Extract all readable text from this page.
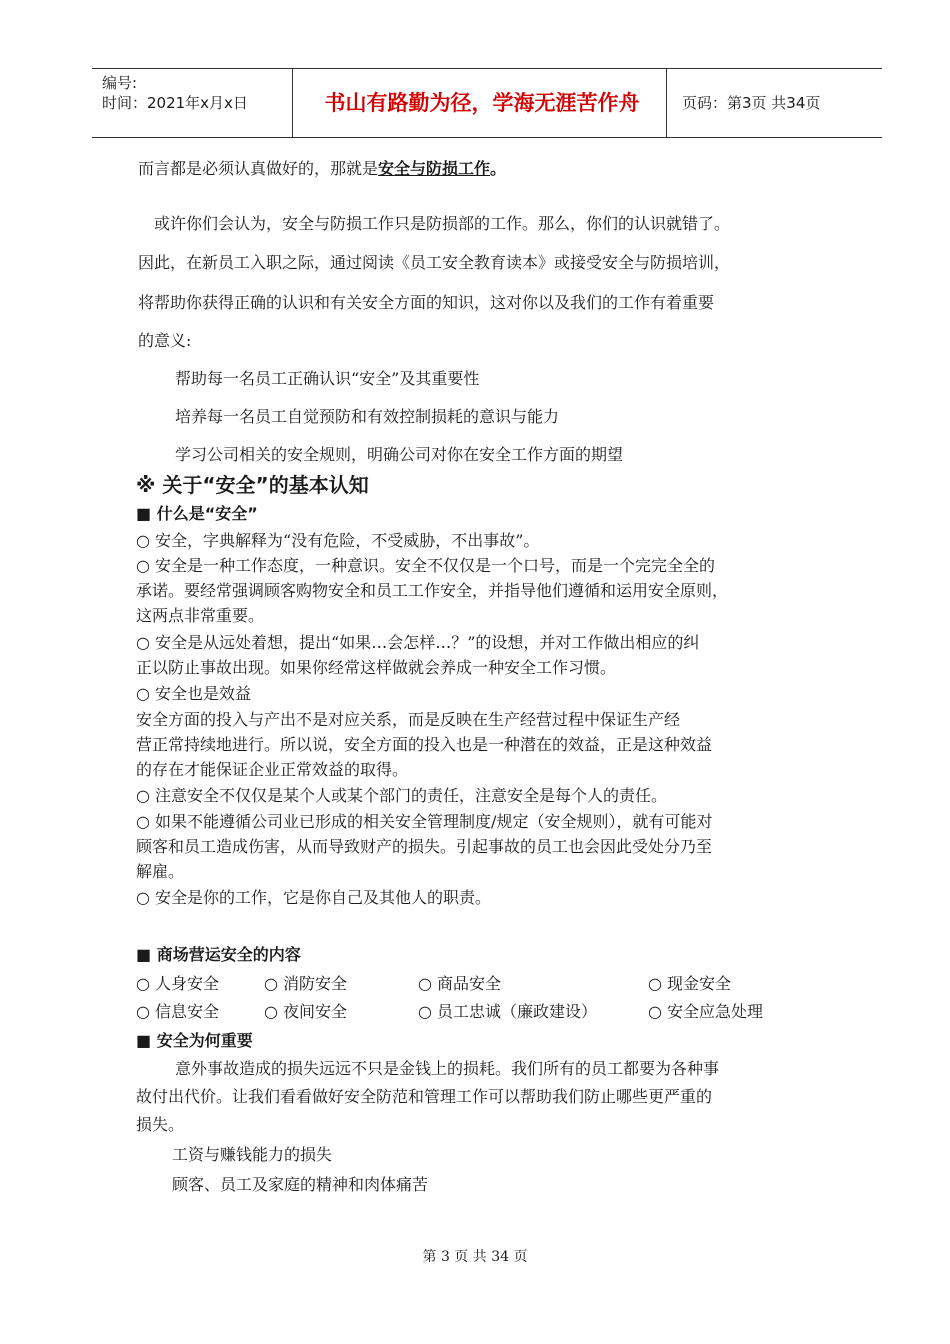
编号:
时间：2021年x月x日	书山有路勤为径，学海无涯苦作舟	页码：第3页 共34页
而言都是必须认真做好的，那就是安全与防损工作。
或许你们会认为，安全与防损工作只是防损部的工作。那么，你们的认识就错了。
因此，在新员工入职之际，通过阅读《员工安全教育读本》或接受安全与防损培训，
将帮助你获得正确的认识和有关安全方面的知识，这对你以及我们的工作有着重要
的意义:
帮助每一名员工正确认识“安全”及其重要性
培养每一名员工自觉预防和有效控制损耗的意识与能力
学习公司相关的安全规则，明确公司对你在安全工作方面的期望
※ 关于“安全”的基本认知
■ 什么是“安全”
○ 安全，字典解释为“没有危险，不受威胁，不出事故”。
○ 安全是一种工作态度，一种意识。安全不仅仅是一个口号，而是一个完完全全的
承诺。要经常强调顾客购物安全和员工工作安全，并指导他们遵循和运用安全原则，
这两点非常重要。
○ 安全是从远处着想，提出“如果…会怎样…？”的设想，并对工作做出相应的纠
正以防止事故出现。如果你经常这样做就会养成一种安全工作习惯。
○ 安全也是效益
安全方面的投入与产出不是对应关系，而是反映在生产经营过程中保证生产经
营正常持续地进行。所以说，安全方面的投入也是一种潜在的效益，正是这种效益
的存在才能保证企业正常效益的取得。
○ 注意安全不仅仅是某个人或某个部门的责任，注意安全是每个人的责任。
○ 如果不能遵循公司业已形成的相关安全管理制度/规定（安全规则），就有可能对
顾客和员工造成伤害，从而导致财产的损失。引起事故的员工也会因此受处分乃至
解雇。
○ 安全是你的工作，它是你自己及其他人的职责。
■ 商场营运安全的内容
○ 人身安全	○ 消防安全	○ 商品安全	○ 现金安全
○ 信息安全	○ 夜间安全	○ 员工忠诚（廉政建设）	○ 安全应急处理
■ 安全为何重要
意外事故造成的损失远远不只是金钱上的损耗。我们所有的员工都要为各种事
故付出代价。让我们看看做好安全防范和管理工作可以帮助我们防止哪些更严重的
损失。
工资与赚钱能力的损失
顾客、员工及家庭的精神和肉体痛苦
第 3 页 共 34 页
